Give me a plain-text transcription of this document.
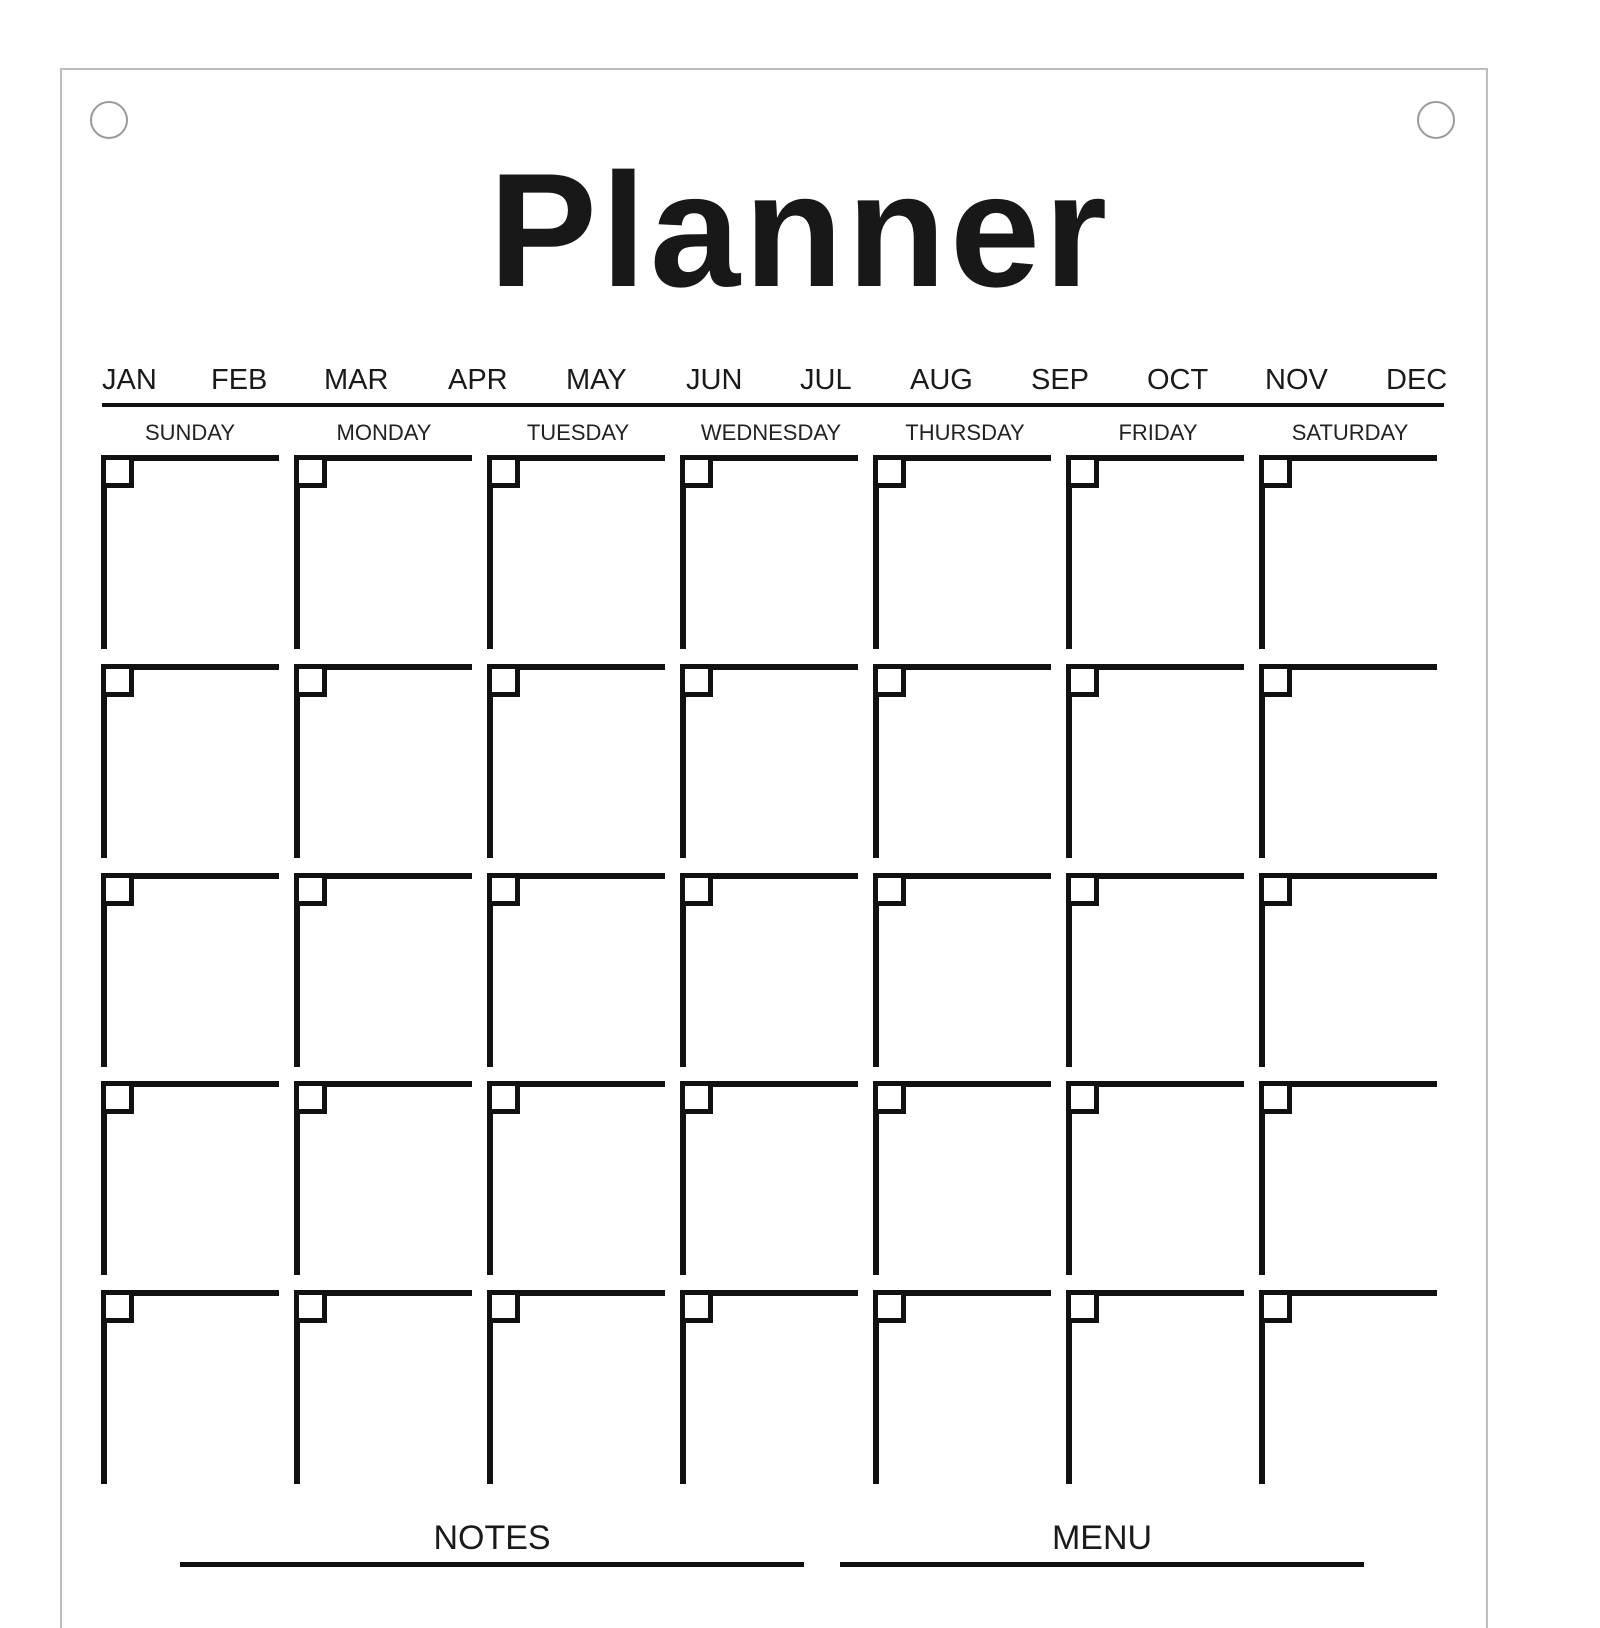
Planner
JAN FEB MAR APR MAY JUN JUL AUG SEP OCT NOV DEC
SUNDAY	MONDAY	TUESDAY	WEDNESDAY	THURSDAY	FRIDAY	SATURDAY
NOTES	MENU
